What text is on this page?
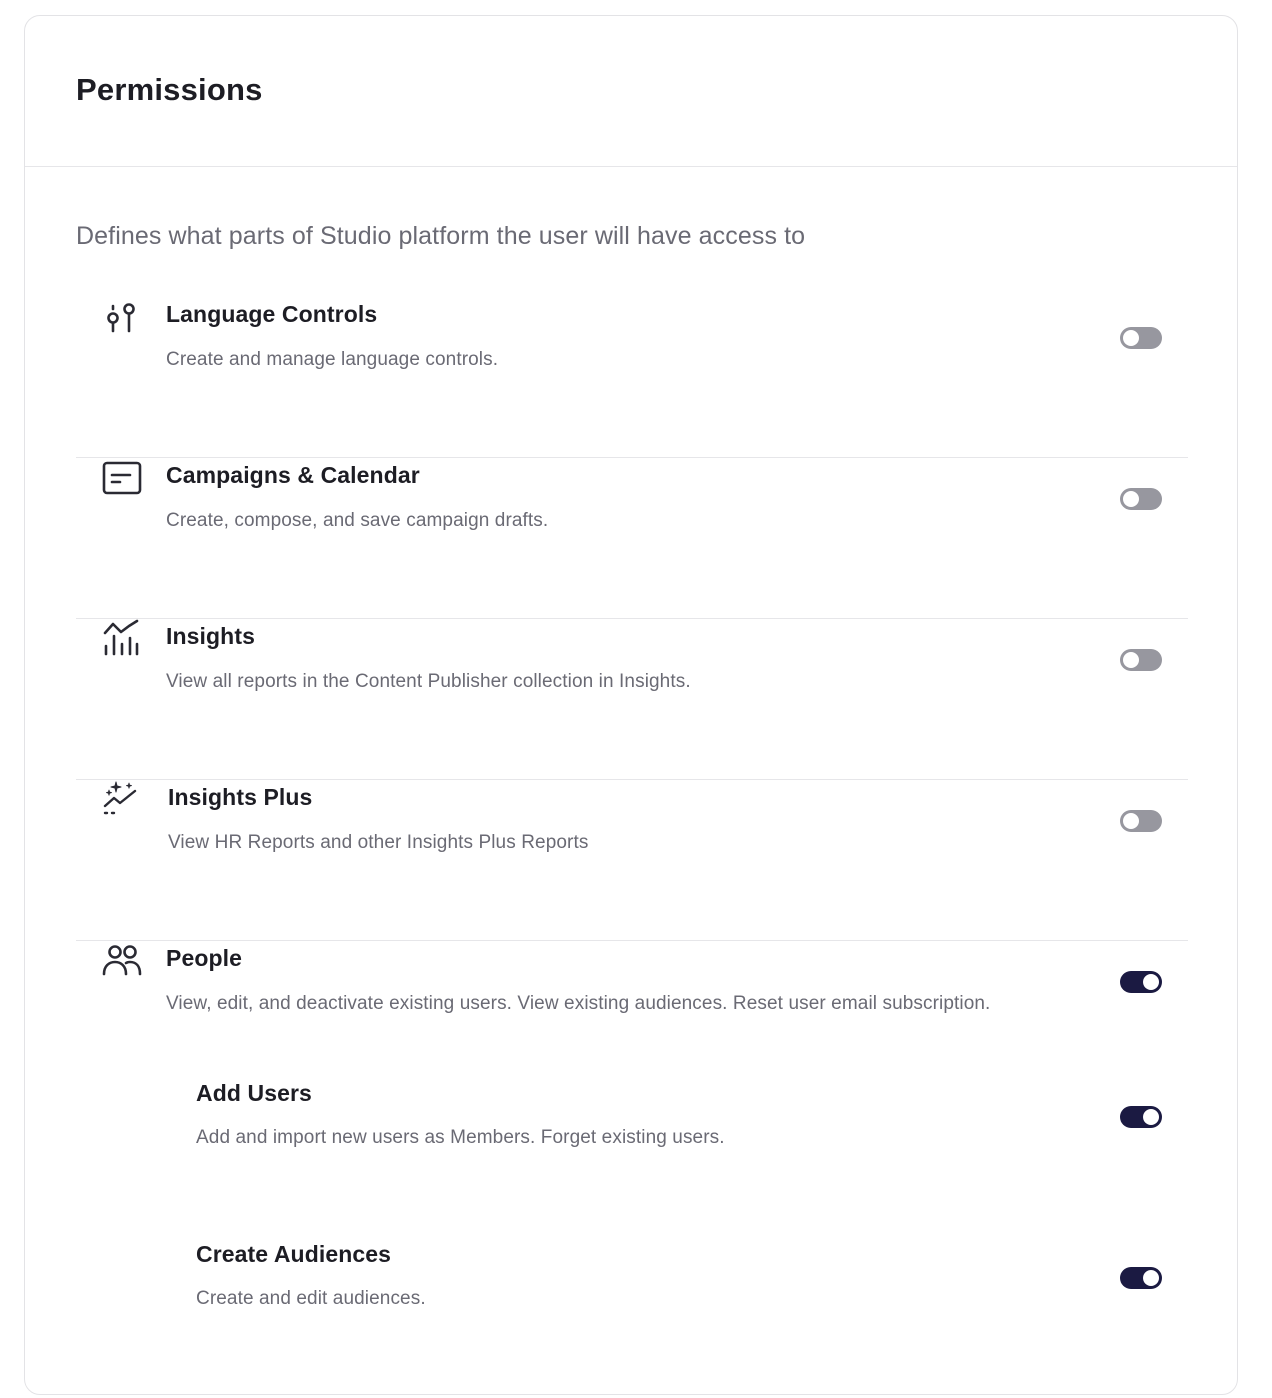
Permissions

Defines what parts of Studio platform the user will have access to

Language Controls

Create and manage language controls.

Campaigns & Calendar

Create, compose, and save campaign drafts.

Insights

View all reports in the Content Publisher collection in Insights.

Insights Plus

View HR Reports and other Insights Plus Reports

People

View, edit, and deactivate existing users. View existing audiences. Reset user email subscription.

Add Users

Add and import new users as Members. Forget existing users.

Create Audiences

Create and edit audiences.
